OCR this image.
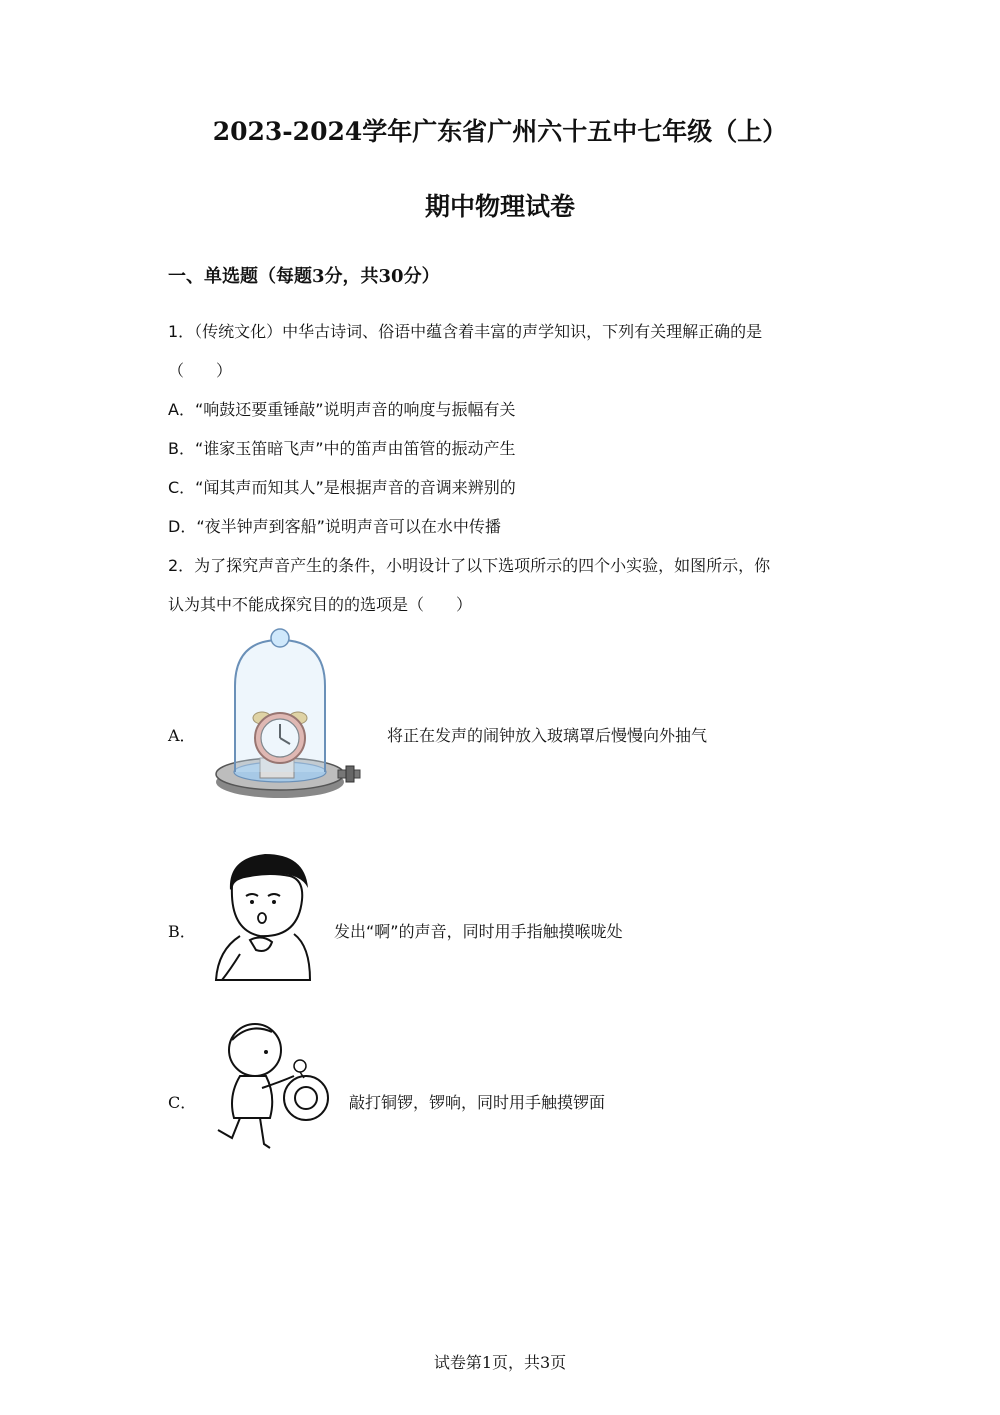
2023-2024学年广东省广州六十五中七年级（上）
期中物理试卷
一、单选题（每题3分，共30分）
1．（传统文化）中华古诗词、俗语中蕴含着丰富的声学知识，下列有关理解正确的是
（　　）
A．“响鼓还要重锤敲”说明声音的响度与振幅有关
B．“谁家玉笛暗飞声”中的笛声由笛管的振动产生
C．“闻其声而知其人”是根据声音的音调来辨别的
D．“夜半钟声到客船”说明声音可以在水中传播
2．为了探究声音产生的条件，小明设计了以下选项所示的四个小实验，如图所示，你
认为其中不能成探究目的的选项是（　　）
A．	将正在发声的闹钟放入玻璃罩后慢慢向外抽气
B．	发出“啊”的声音，同时用手指触摸喉咙处
C．	敲打铜锣，锣响，同时用手触摸锣面
试卷第1页，共3页
